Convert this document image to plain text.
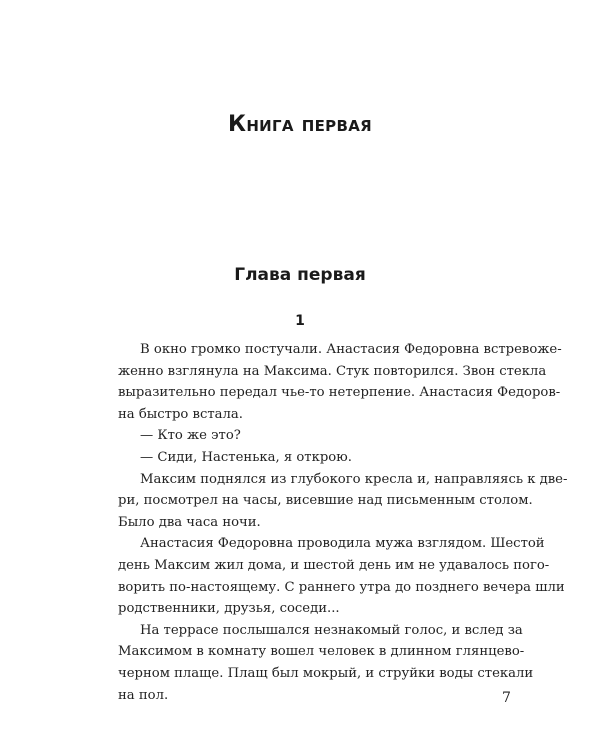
Книга первая
Глава первая
1
В окно громко постучали. Анастасия Федоровна встревоже-
женно взглянула на Максима. Стук повторился. Звон стекла
выразительно передал чье-то нетерпение. Анастасия Федоров-
на быстро встала.
— Кто же это?
— Сиди, Настенька, я открою.
Максим поднялся из глубокого кресла и, направляясь к две-
ри, посмотрел на часы, висевшие над письменным столом.
Было два часа ночи.
Анастасия Федоровна проводила мужа взглядом. Шестой
день Максим жил дома, и шестой день им не удавалось пого-
ворить по-настоящему. С раннего утра до позднего вечера шли
родственники, друзья, соседи...
На террасе послышался незнакомый голос, и вслед за
Максимом в комнату вошел человек в длинном глянцево-
черном плаще. Плащ был мокрый, и струйки воды стекали
на пол.	7
